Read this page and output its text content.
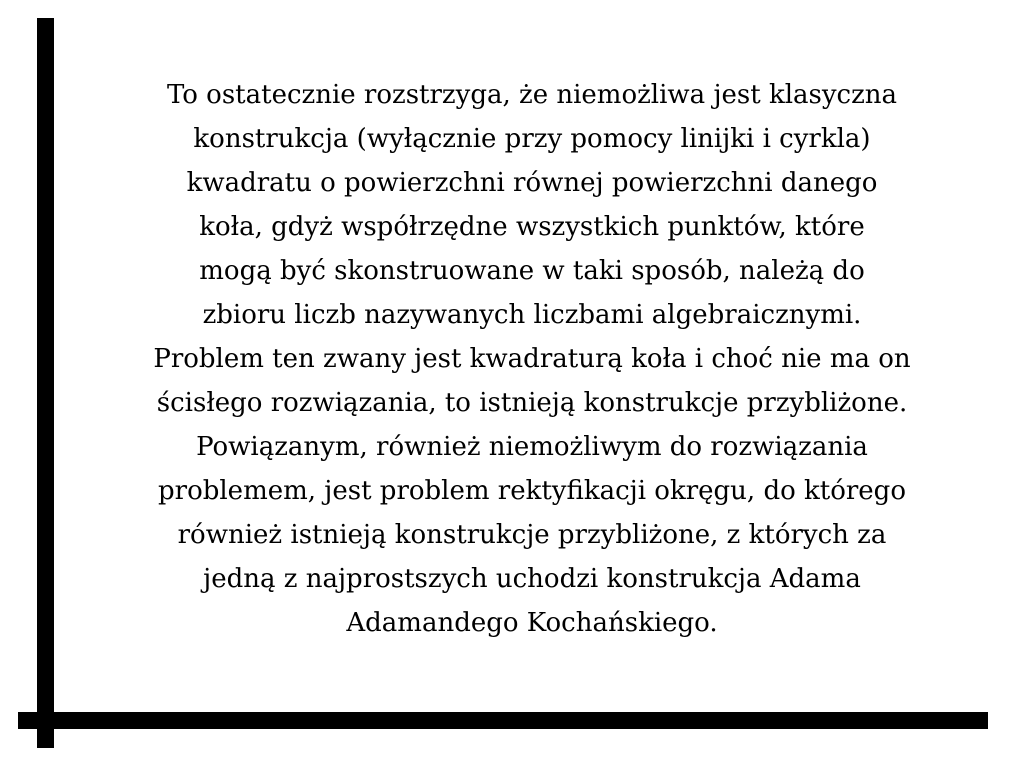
To ostatecznie rozstrzyga, że niemożliwa jest klasyczna
konstrukcja (wyłącznie przy pomocy linijki i cyrkla)
kwadratu o powierzchni równej powierzchni danego
koła, gdyż współrzędne wszystkich punktów, które
mogą być skonstruowane w taki sposób, należą do
zbioru liczb nazywanych liczbami algebraicznymi.
Problem ten zwany jest kwadraturą koła i choć nie ma on
ścisłego rozwiązania, to istnieją konstrukcje przybliżone.
Powiązanym, również niemożliwym do rozwiązania
problemem, jest problem rektyfikacji okręgu, do którego
również istnieją konstrukcje przybliżone, z których za
jedną z najprostszych uchodzi konstrukcja Adama
Adamandego Kochańskiego.
